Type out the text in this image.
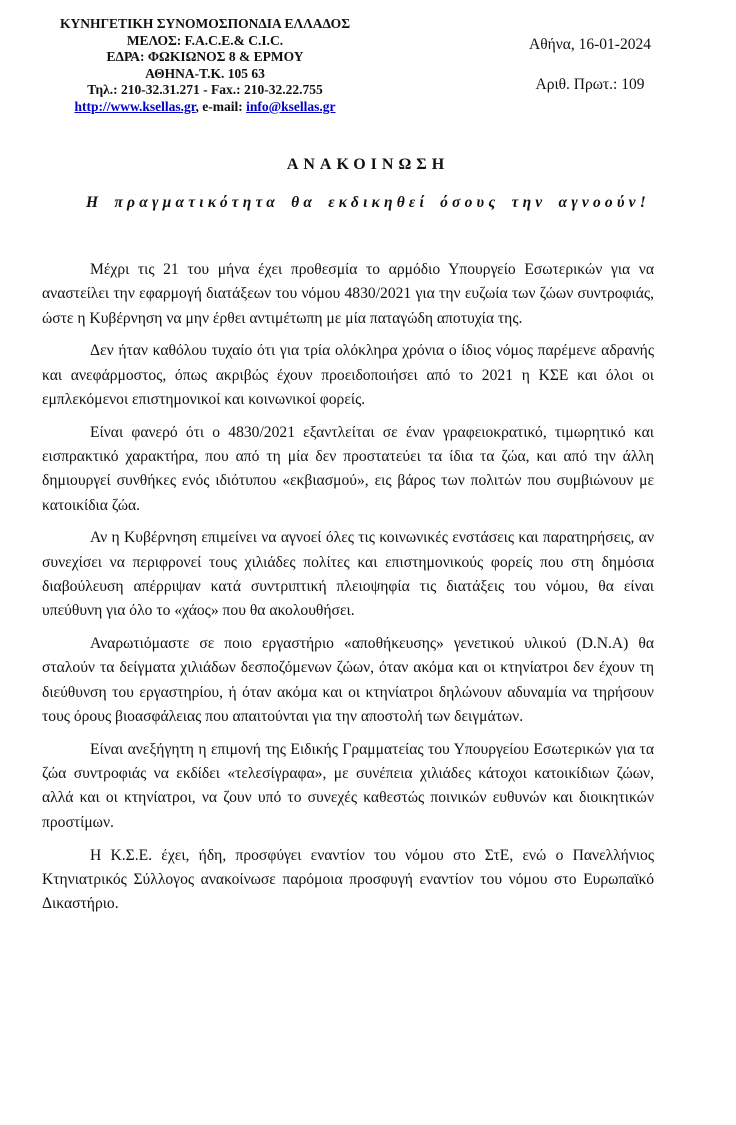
ΚΥΝΗΓΕΤΙΚΗ ΣΥΝΟΜΟΣΠΟΝΔΙΑ ΕΛΛΑΔΟΣ
ΜΕΛΟΣ: F.A.C.E.& C.I.C.
ΕΔΡΑ: ΦΩΚΙΩΝΟΣ 8 & ΕΡΜΟΥ
ΑΘΗΝΑ-Τ.Κ. 105 63
Τηλ.: 210-32.31.271 - Fax.: 210-32.22.755
http://www.ksellas.gr, e-mail: info@ksellas.gr
Αθήνα, 16-01-2024
Αριθ. Πρωτ.: 109
ΑΝΑΚΟΙΝΩΣΗ
Η πραγματικότητα θα εκδικηθεί όσους την αγνοούν!

Μέχρι τις 21 του μήνα έχει προθεσμία το αρμόδιο Υπουργείο Εσωτερικών για να αναστείλει την εφαρμογή διατάξεων του νόμου 4830/2021 για την ευζωία των ζώων συντροφιάς, ώστε η Κυβέρνηση να μην έρθει αντιμέτωπη με μία παταγώδη αποτυχία της.

Δεν ήταν καθόλου τυχαίο ότι για τρία ολόκληρα χρόνια ο ίδιος νόμος παρέμενε αδρανής και ανεφάρμοστος, όπως ακριβώς έχουν προειδοποιήσει από το 2021 η ΚΣΕ και όλοι οι εμπλεκόμενοι επιστημονικοί και κοινωνικοί φορείς.

Είναι φανερό ότι ο 4830/2021 εξαντλείται σε έναν γραφειοκρατικό, τιμωρητικό και εισπρακτικό χαρακτήρα, που από τη μία δεν προστατεύει τα ίδια τα ζώα, και από την άλλη δημιουργεί συνθήκες ενός ιδιότυπου «εκβιασμού», εις βάρος των πολιτών που συμβιώνουν με κατοικίδια ζώα.

Αν η Κυβέρνηση επιμείνει να αγνοεί όλες τις κοινωνικές ενστάσεις και παρατηρήσεις, αν συνεχίσει να περιφρονεί τους χιλιάδες πολίτες και επιστημονικούς φορείς που στη δημόσια διαβούλευση απέρριψαν κατά συντριπτική πλειοψηφία τις διατάξεις του νόμου, θα είναι υπεύθυνη για όλο το «χάος» που θα ακολουθήσει.

Αναρωτιόμαστε σε ποιο εργαστήριο «αποθήκευσης» γενετικού υλικού (D.N.A) θα σταλούν τα δείγματα χιλιάδων δεσποζόμενων ζώων, όταν ακόμα και οι κτηνίατροι δεν έχουν τη διεύθυνση του εργαστηρίου, ή όταν ακόμα και οι κτηνίατροι δηλώνουν αδυναμία να τηρήσουν τους όρους βιοασφάλειας που απαιτούνται για την αποστολή των δειγμάτων.

Είναι ανεξήγητη η επιμονή της Ειδικής Γραμματείας του Υπουργείου Εσωτερικών για τα ζώα συντροφιάς να εκδίδει «τελεσίγραφα», με συνέπεια χιλιάδες κάτοχοι κατοικίδιων ζώων, αλλά και οι κτηνίατροι, να ζουν υπό το συνεχές καθεστώς ποινικών ευθυνών και διοικητικών προστίμων.

Η Κ.Σ.Ε. έχει, ήδη, προσφύγει εναντίον του νόμου στο ΣτΕ, ενώ ο Πανελλήνιος Κτηνιατρικός Σύλλογος ανακοίνωσε παρόμοια προσφυγή εναντίον του νόμου στο Ευρωπαϊκό Δικαστήριο.
